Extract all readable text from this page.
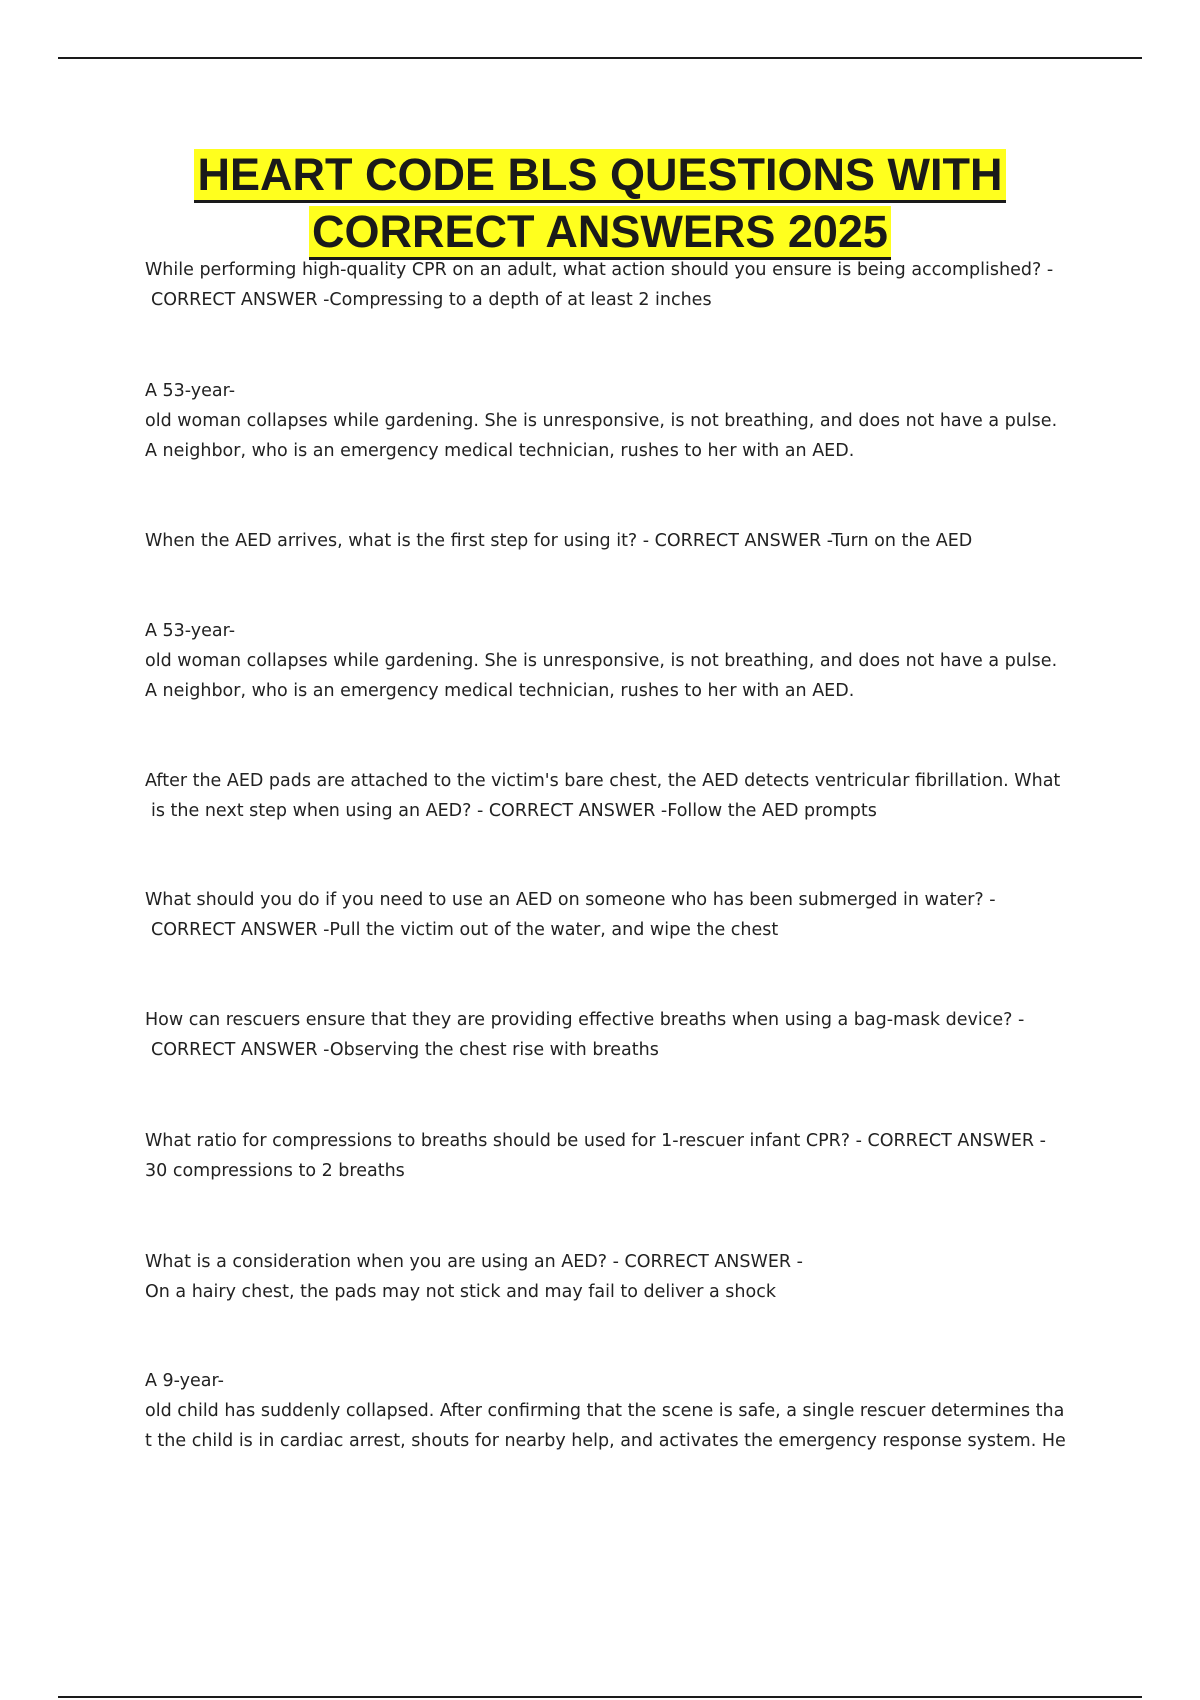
HEART CODE BLS QUESTIONS WITH
CORRECT ANSWERS 2025

While performing high-quality CPR on an adult, what action should you ensure is being accomplished? -
CORRECT ANSWER -Compressing to a depth of at least 2 inches

A 53-year-
old woman collapses while gardening. She is unresponsive, is not breathing, and does not have a pulse.
A neighbor, who is an emergency medical technician, rushes to her with an AED.

When the AED arrives, what is the first step for using it? - CORRECT ANSWER -Turn on the AED

A 53-year-
old woman collapses while gardening. She is unresponsive, is not breathing, and does not have a pulse.
A neighbor, who is an emergency medical technician, rushes to her with an AED.

After the AED pads are attached to the victim's bare chest, the AED detects ventricular fibrillation. What
is the next step when using an AED? - CORRECT ANSWER -Follow the AED prompts

What should you do if you need to use an AED on someone who has been submerged in water? -
CORRECT ANSWER -Pull the victim out of the water, and wipe the chest

How can rescuers ensure that they are providing effective breaths when using a bag-mask device? -
CORRECT ANSWER -Observing the chest rise with breaths

What ratio for compressions to breaths should be used for 1-rescuer infant CPR? - CORRECT ANSWER -
30 compressions to 2 breaths

What is a consideration when you are using an AED? - CORRECT ANSWER -
On a hairy chest, the pads may not stick and may fail to deliver a shock

A 9-year-
old child has suddenly collapsed. After confirming that the scene is safe, a single rescuer determines tha
t the child is in cardiac arrest, shouts for nearby help, and activates the emergency response system. He
